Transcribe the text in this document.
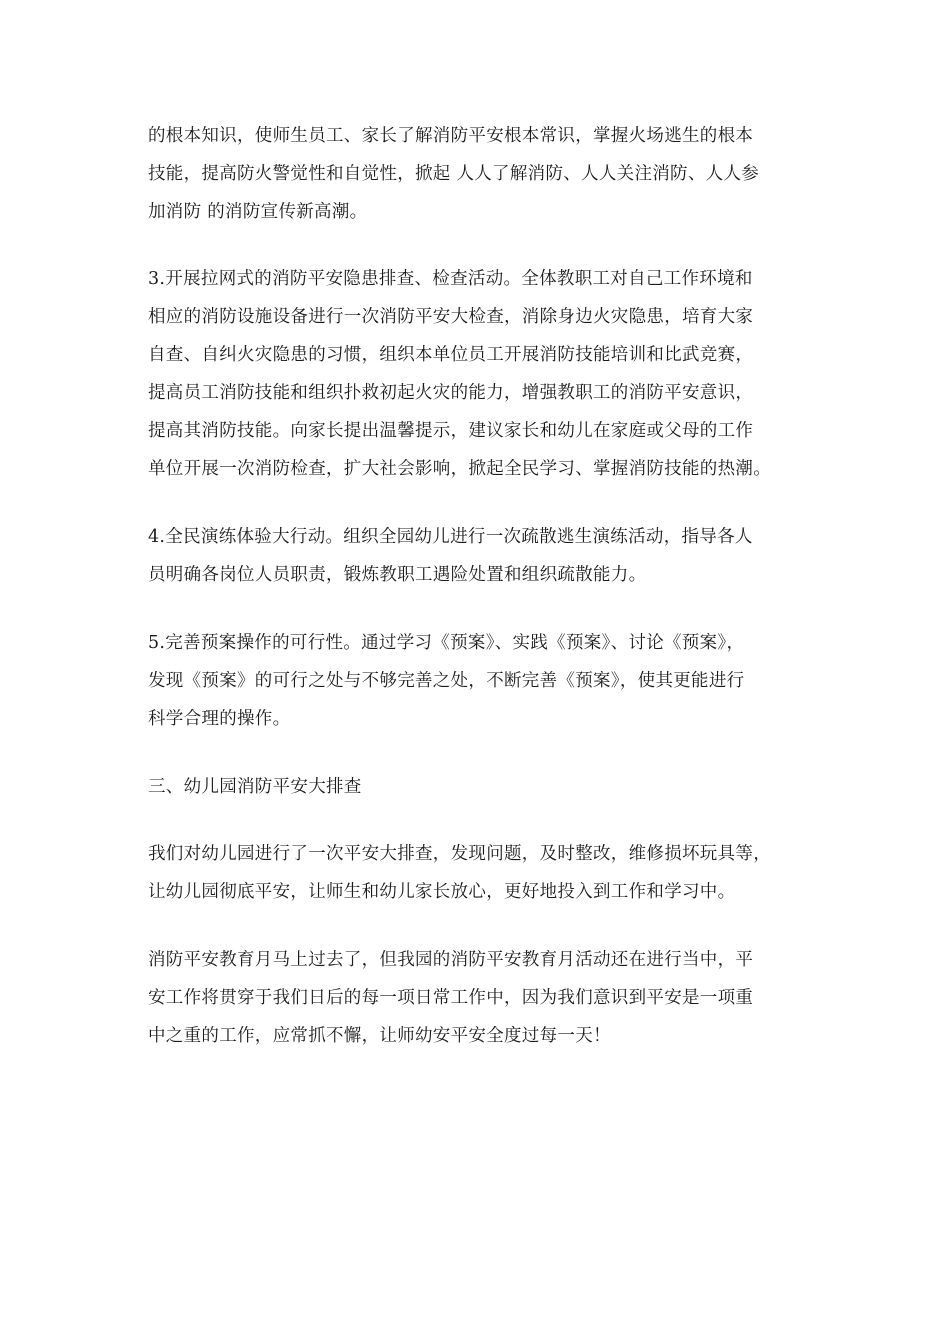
的根本知识，使师生员工、家长了解消防平安根本常识，掌握火场逃生的根本
技能，提高防火警觉性和自觉性，掀起 人人了解消防、人人关注消防、人人参
加消防 的消防宣传新高潮。
3.开展拉网式的消防平安隐患排查、检查活动。全体教职工对自己工作环境和
相应的消防设施设备进行一次消防平安大检查，消除身边火灾隐患，培育大家
自查、自纠火灾隐患的习惯，组织本单位员工开展消防技能培训和比武竞赛，
提高员工消防技能和组织扑救初起火灾的能力，增强教职工的消防平安意识，
提高其消防技能。向家长提出温馨提示，建议家长和幼儿在家庭或父母的工作
单位开展一次消防检查，扩大社会影响，掀起全民学习、掌握消防技能的热潮。
4.全民演练体验大行动。组织全园幼儿进行一次疏散逃生演练活动，指导各人
员明确各岗位人员职责，锻炼教职工遇险处置和组织疏散能力。
5.完善预案操作的可行性。通过学习《预案》、实践《预案》、讨论《预案》，
发现《预案》的可行之处与不够完善之处，不断完善《预案》，使其更能进行
科学合理的操作。
三、幼儿园消防平安大排查
我们对幼儿园进行了一次平安大排查，发现问题，及时整改，维修损坏玩具等，
让幼儿园彻底平安，让师生和幼儿家长放心，更好地投入到工作和学习中。
消防平安教育月马上过去了，但我园的消防平安教育月活动还在进行当中，平
安工作将贯穿于我们日后的每一项日常工作中，因为我们意识到平安是一项重
中之重的工作，应常抓不懈，让师幼安平安全度过每一天！
